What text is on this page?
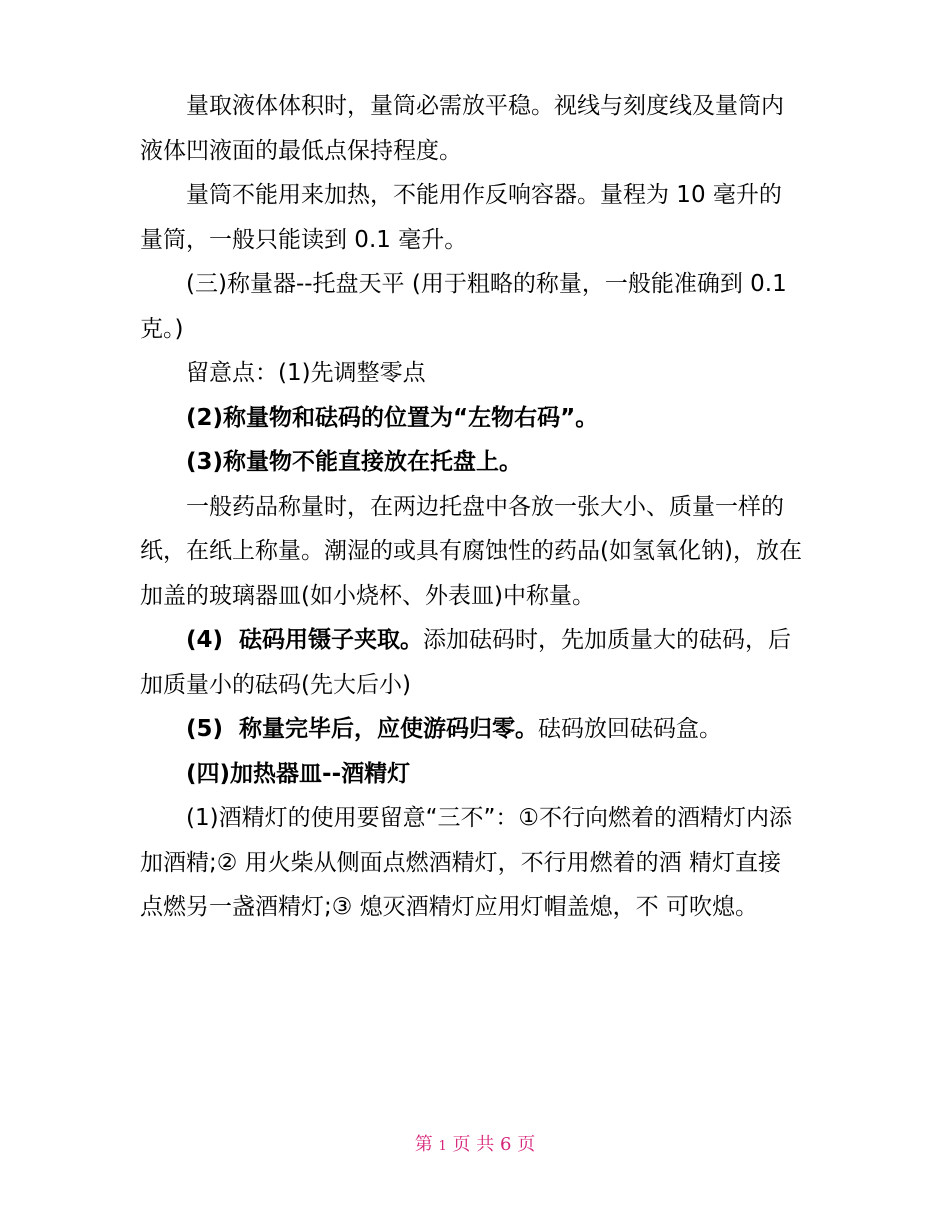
量取液体体积时，量筒必需放平稳。视线与刻度线及量筒内液体凹液面的最低点保持程度。

量筒不能用来加热，不能用作反响容器。量程为 10 毫升的量筒，一般只能读到 0.1 毫升。

(三)称量器--托盘天平 (用于粗略的称量，一般能准确到 0.1 克。)

留意点：(1)先调整零点

(2)称量物和砝码的位置为“左物右码”。

(3)称量物不能直接放在托盘上。

一般药品称量时，在两边托盘中各放一张大小、质量一样的纸，在纸上称量。潮湿的或具有腐蚀性的药品(如氢氧化钠)，放在加盖的玻璃器皿(如小烧杯、外表皿)中称量。

(4)  砝码用镊子夹取。添加砝码时，先加质量大的砝码，后加质量小的砝码(先大后小)

(5)  称量完毕后，应使游码归零。砝码放回砝码盒。

(四)加热器皿--酒精灯

(1)酒精灯的使用要留意“三不”：①不行向燃着的酒精灯内添加酒精;② 用火柴从侧面点燃酒精灯，不行用燃着的酒 精灯直接点燃另一盏酒精灯;③ 熄灭酒精灯应用灯帽盖熄，不 可吹熄。

第 1 页 共 6 页
